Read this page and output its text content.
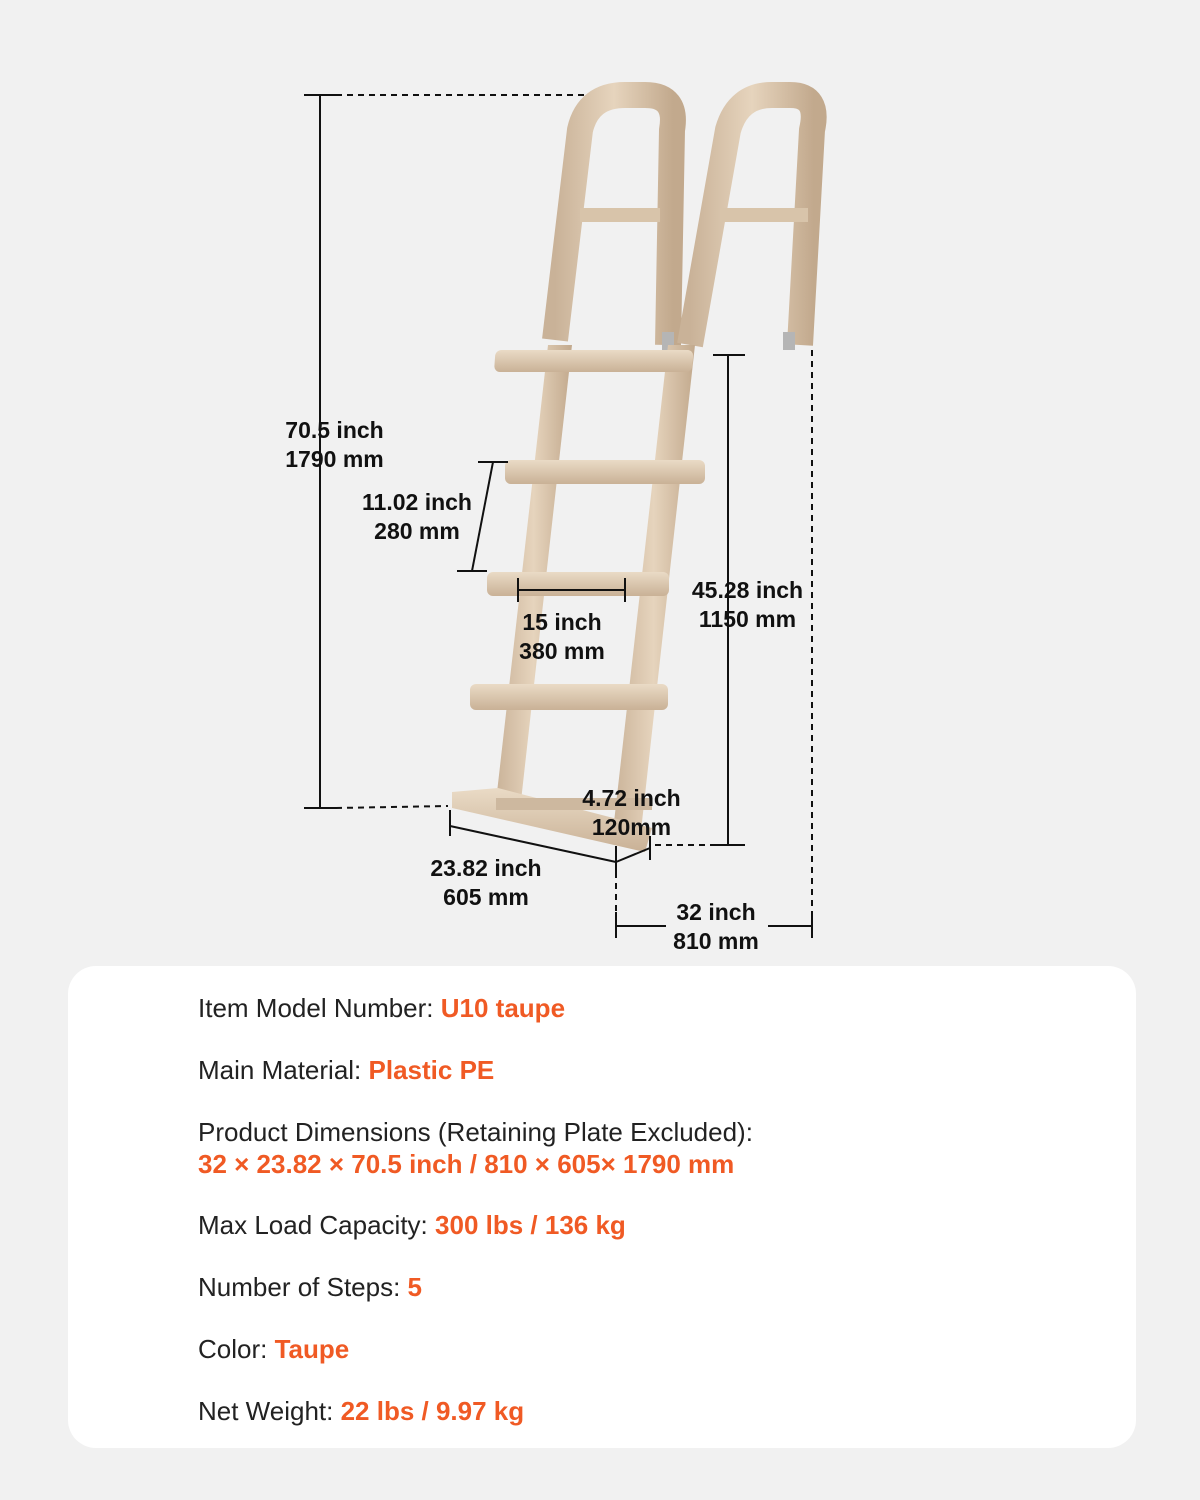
70.5 inch
1790 mm
11.02 inch
280 mm
15 inch
380 mm
45.28 inch
1150 mm
4.72 inch
120mm
23.82 inch
605 mm
32 inch
810 mm
Item Model Number: U10 taupe
Main Material: Plastic PE
Product Dimensions (Retaining Plate Excluded):
32 × 23.82 × 70.5 inch / 810 × 605× 1790 mm
Max Load Capacity: 300 lbs / 136 kg
Number of Steps: 5
Color: Taupe
Net Weight: 22 lbs / 9.97 kg
